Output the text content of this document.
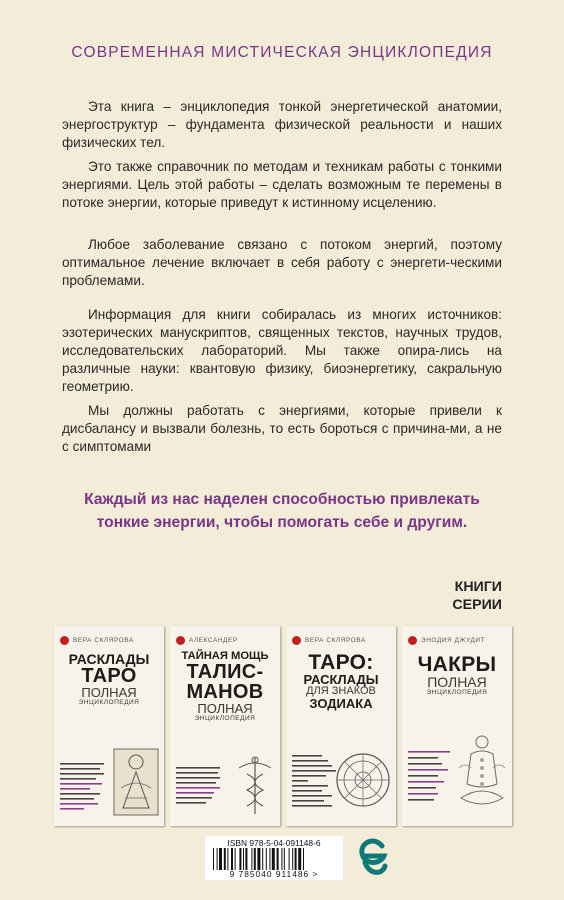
СОВРЕМЕННАЯ МИСТИЧЕСКАЯ ЭНЦИКЛОПЕДИЯ

Эта книга – энциклопедия тонкой энергетической анатомии, энергоструктур – фундамента физической реальности и наших физических тел.

Это также справочник по методам и техникам работы с тонкими энергиями. Цель этой работы – сделать возможным те перемены в потоке энергии, которые приведут к истинному исцелению.

Любое заболевание связано с потоком энергий, поэтому оптимальное лечение включает в себя работу с энергети-ческими проблемами.

Информация для книги собиралась из многих источников: эзотерических манускриптов, священных текстов, научных трудов, исследовательских лабораторий. Мы также опира-лись на различные науки: квантовую физику, биоэнергетику, сакральную геометрию.

Мы должны работать с энергиями, которые привели к дисбалансу и вызвали болезнь, то есть бороться с причина-ми, а не с симптомами

Каждый из нас наделен способностью привлекать тонкие энергии, чтобы помогать себе и другим.
КНИГИ
СЕРИИ
ВЕРА СКЛЯРОВА
РАСКЛАДЫ
ТАРО
ПОЛНАЯ
ЭНЦИКЛОПЕДИЯ
АЛЕКСАНДЕР
ТАЙНАЯ МОЩЬ
ТАЛИС-
МАНОВ
ПОЛНАЯ
ЭНЦИКЛОПЕДИЯ
ВЕРА СКЛЯРОВА
ТАРО:
РАСКЛАДЫ
ДЛЯ ЗНАКОВ
ЗОДИАКА
ЭНОДИЯ ДЖУДИТ
ЧАКРЫ
ПОЛНАЯ
ЭНЦИКЛОПЕДИЯ
ISBN 978-5-04-091148-6
9 785040 911486 >
